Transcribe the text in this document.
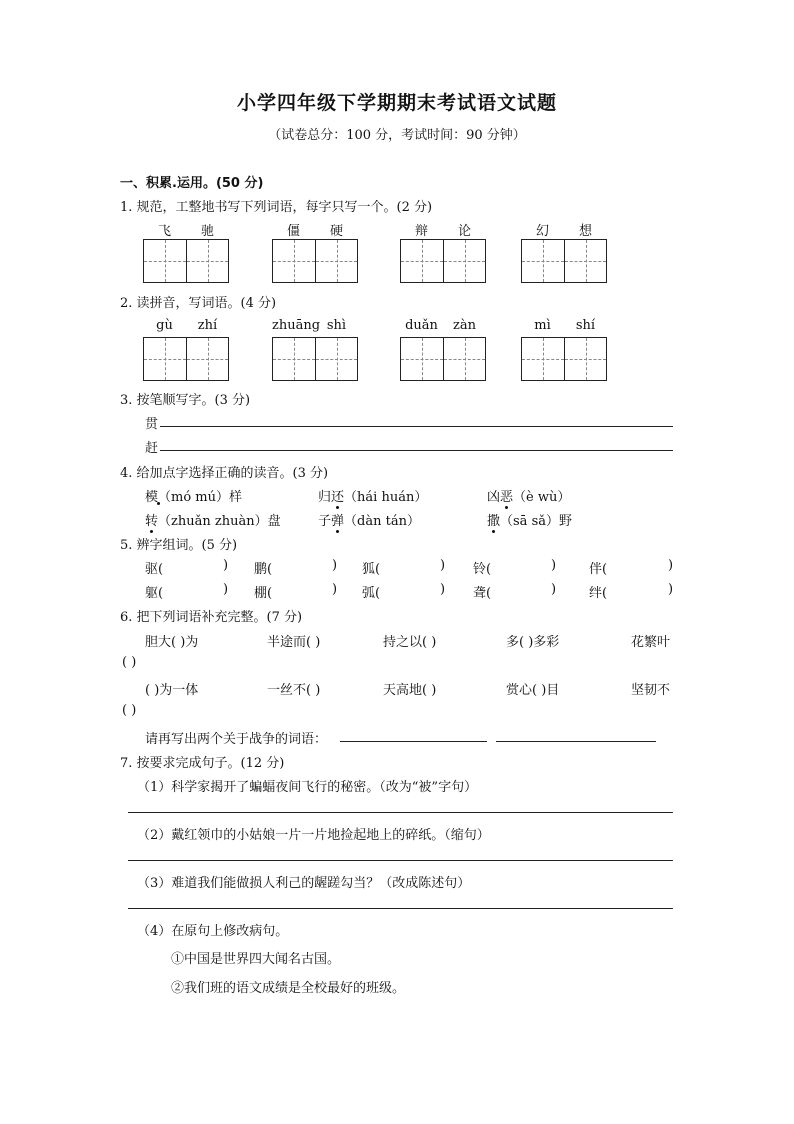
小学四年级下学期期末考试语文试题
（试卷总分：100 分，考试时间：90 分钟）
一、积累.运用。(50 分)
1. 规范，工整地书写下列词语，每字只写一个。(2 分)
飞	驰	僵	硬	辩	论	幻	想
2. 读拼音，写词语。(4 分)
gù	zhí	zhuāng shì	duǎn	zàn	mì	shí
3. 按笔顺写字。(3 分)
贯
赶
4. 给加点字选择正确的读音。(3 分)
模（mó mú）样	归还（hái huán）	凶恶（è wù）
转（zhuǎn zhuàn）盘	子弹（dàn tán）	撒（sā sǎ）野
5. 辨字组词。(5 分)
驱(	) 鹏(	) 狐(	) 铃(	)	伴(	)
躯(	) 棚(	) 弧(	) 聋(	)	绊(	)
6. 把下列词语补充完整。(7 分)
胆大( )为	半途而( )	持之以( )	多( )多彩	花繁叶
( )
( )为一体	一丝不( )	天高地( )	赏心( )目	坚韧不
( )
请再写出两个关于战争的词语：
7. 按要求完成句子。(12 分)
（1）科学家揭开了蝙蝠夜间飞行的秘密。（改为“被”字句）
（2）戴红领巾的小姑娘一片一片地捡起地上的碎纸。（缩句）
（3）难道我们能做损人利己的龌蹉勾当？（改成陈述句）
（4）在原句上修改病句。
①中国是世界四大闻名古国。
②我们班的语文成绩是全校最好的班级。
